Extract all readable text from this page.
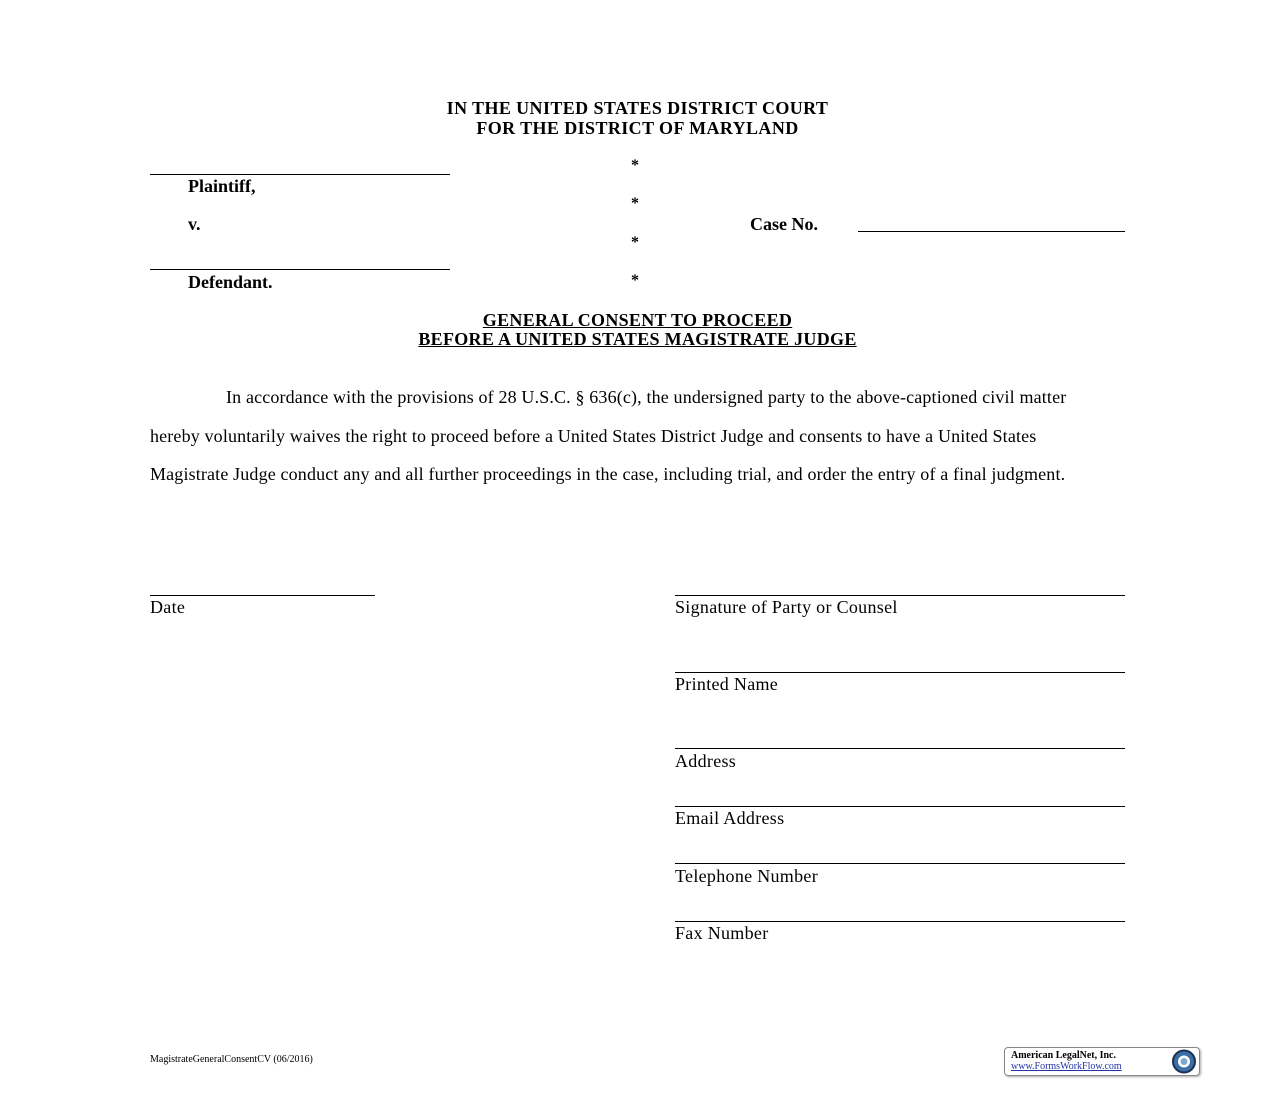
IN THE UNITED STATES DISTRICT COURT
FOR THE DISTRICT OF MARYLAND
Plaintiff,
v.
Defendant.
*
*
*
*
Case No.
GENERAL CONSENT TO PROCEED
BEFORE A UNITED STATES MAGISTRATE JUDGE
In accordance with the provisions of 28 U.S.C. § 636(c), the undersigned party to the above-captioned civil matter hereby voluntarily waives the right to proceed before a United States District Judge and consents to have a United States Magistrate Judge conduct any and all further proceedings in the case, including trial, and order the entry of a final judgment.
Date	Signature of Party or Counsel
Printed Name
Address
Email Address
Telephone Number
Fax Number
MagistrateGeneralConsentCV (06/2016)	American LegalNet, Inc.
www.FormsWorkFlow.com
